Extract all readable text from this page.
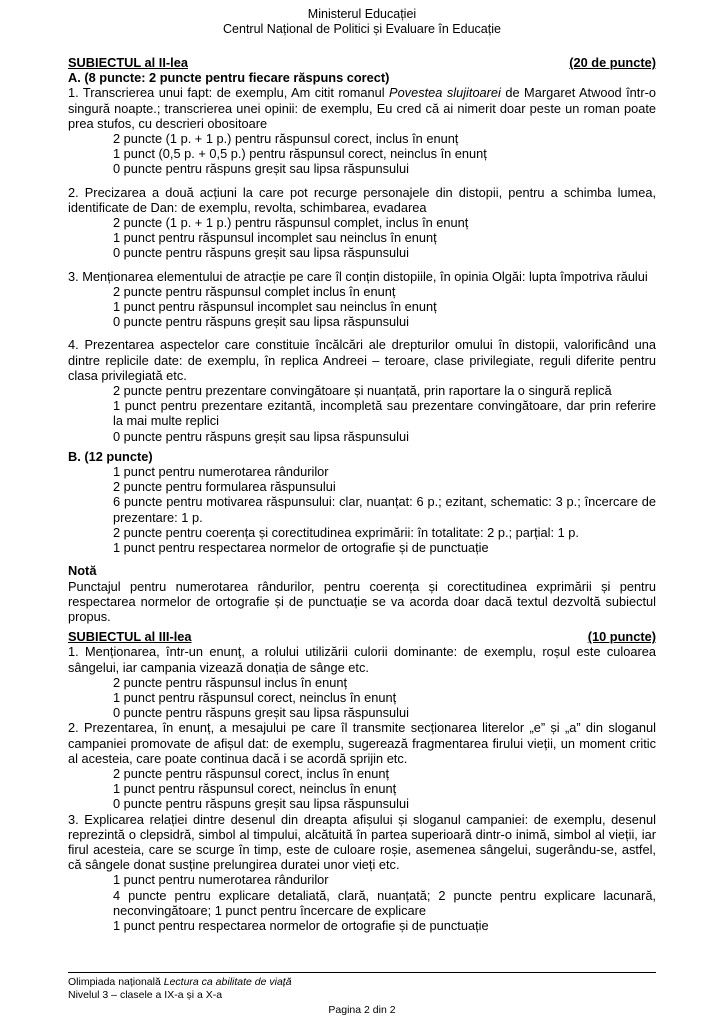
Ministerul Educației
Centrul Național de Politici și Evaluare în Educație
SUBIECTUL al II-lea	(20 de puncte)
A. (8 puncte: 2 puncte pentru fiecare răspuns corect)
1. Transcrierea unui fapt: de exemplu, Am citit romanul Povestea slujitoarei de Margaret Atwood într-o singură noapte.; transcrierea unei opinii: de exemplu, Eu cred că ai nimerit doar peste un roman poate prea stufos, cu descrieri obositoare
2 puncte (1 p. + 1 p.) pentru răspunsul corect, inclus în enunț
1 punct (0,5 p. + 0,5 p.) pentru răspunsul corect, neinclus în enunț
0 puncte pentru răspuns greșit sau lipsa răspunsului
2. Precizarea a două acțiuni la care pot recurge personajele din distopii, pentru a schimba lumea, identificate de Dan: de exemplu, revolta, schimbarea, evadarea
2 puncte (1 p. + 1 p.) pentru răspunsul complet, inclus în enunț
1 punct pentru răspunsul incomplet sau neinclus în enunț
0 puncte pentru răspuns greșit sau lipsa răspunsului
3. Menționarea elementului de atracție pe care îl conțin distopiile, în opinia Olgăi: lupta împotriva răului
2 puncte pentru răspunsul complet inclus în enunț
1 punct pentru răspunsul incomplet sau neinclus în enunț
0 puncte pentru răspuns greșit sau lipsa răspunsului
4. Prezentarea aspectelor care constituie încălcări ale drepturilor omului în distopii, valorificând una dintre replicile date: de exemplu, în replica Andreei – teroare, clase privilegiate, reguli diferite pentru clasa privilegiată etc.
2 puncte pentru prezentare convingătoare și nuanțată, prin raportare la o singură replică
1 punct pentru prezentare ezitantă, incompletă sau prezentare convingătoare, dar prin referire la mai multe replici
0 puncte pentru răspuns greșit sau lipsa răspunsului
B. (12 puncte)
1 punct pentru numerotarea rândurilor
2 puncte pentru formularea răspunsului
6 puncte pentru motivarea răspunsului: clar, nuanțat: 6 p.; ezitant, schematic: 3 p.; încercare de prezentare: 1 p.
2 puncte pentru coerența și corectitudinea exprimării: în totalitate: 2 p.; parțial: 1 p.
1 punct pentru respectarea normelor de ortografie și de punctuație
Notă
Punctajul pentru numerotarea rândurilor, pentru coerența și corectitudinea exprimării și pentru respectarea normelor de ortografie și de punctuație se va acorda doar dacă textul dezvoltă subiectul propus.
SUBIECTUL al III-lea	(10 puncte)
1. Menționarea, într-un enunț, a rolului utilizării culorii dominante: de exemplu, roșul este culoarea sângelui, iar campania vizează donația de sânge etc.
2 puncte pentru răspunsul inclus în enunț
1 punct pentru răspunsul corect, neinclus în enunț
0 puncte pentru răspuns greșit sau lipsa răspunsului
2. Prezentarea, în enunț, a mesajului pe care îl transmite secționarea literelor „e” și „a” din sloganul campaniei promovate de afișul dat: de exemplu, sugerează fragmentarea firului vieții, un moment critic al acesteia, care poate continua dacă i se acordă sprijin etc.
2 puncte pentru răspunsul corect, inclus în enunț
1 punct pentru răspunsul corect, neinclus în enunț
0 puncte pentru răspuns greșit sau lipsa răspunsului
3. Explicarea relației dintre desenul din dreapta afișului și sloganul campaniei: de exemplu, desenul reprezintă o clepsidră, simbol al timpului, alcătuită în partea superioară dintr-o inimă, simbol al vieții, iar firul acesteia, care se scurge în timp, este de culoare roșie, asemenea sângelui, sugerându-se, astfel, că sângele donat susține prelungirea duratei unor vieți etc.
1 punct pentru numerotarea rândurilor
4 puncte pentru explicare detaliată, clară, nuanțată; 2 puncte pentru explicare lacunară, neconvingătoare; 1 punct pentru încercare de explicare
1 punct pentru respectarea normelor de ortografie și de punctuație
Olimpiada națională Lectura ca abilitate de viață
Nivelul 3 – clasele a IX-a și a X-a
Pagina 2 din 2
